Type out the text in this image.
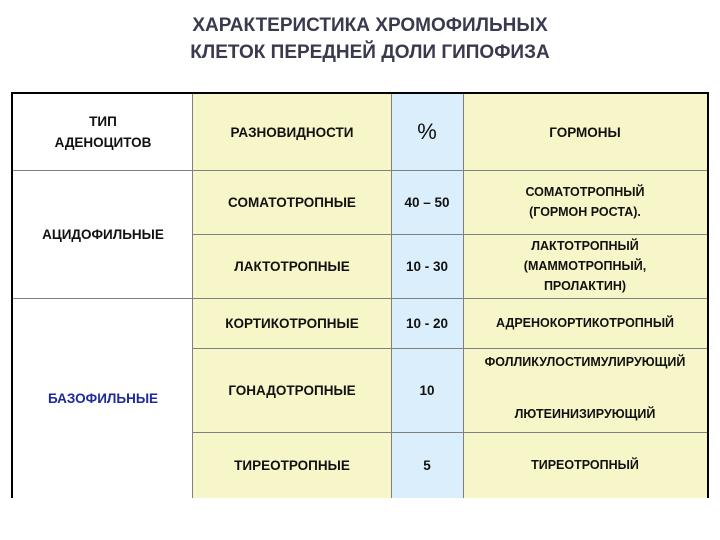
ХАРАКТЕРИСТИКА ХРОМОФИЛЬНЫХ
КЛЕТОК ПЕРЕДНЕЙ ДОЛИ ГИПОФИЗА
ТИП АДЕНОЦИТОВ
АЦИДОФИЛЬНЫЕ
БАЗОФИЛЬНЫЕ
РАЗНОВИДНОСТИ
СОМАТОТРОПНЫЕ
ЛАКТОТРОПНЫЕ
КОРТИКОТРОПНЫЕ
ГОНАДОТРОПНЫЕ
ТИРЕОТРОПНЫЕ
%
40 – 50
10 - 30
10 - 20
10
5
ГОРМОНЫ
СОМАТОТРОПНЫЙ
(ГОРМОН РОСТА).
ЛАКТОТРОПНЫЙ
(МАММОТРОПНЫЙ,
ПРОЛАКТИН)
АДРЕНОКОРТИКОТРОПНЫЙ
ФОЛЛИКУЛОСТИМУЛИРУЮЩИЙ
ЛЮТЕИНИЗИРУЮЩИЙ
ТИРЕОТРОПНЫЙ
